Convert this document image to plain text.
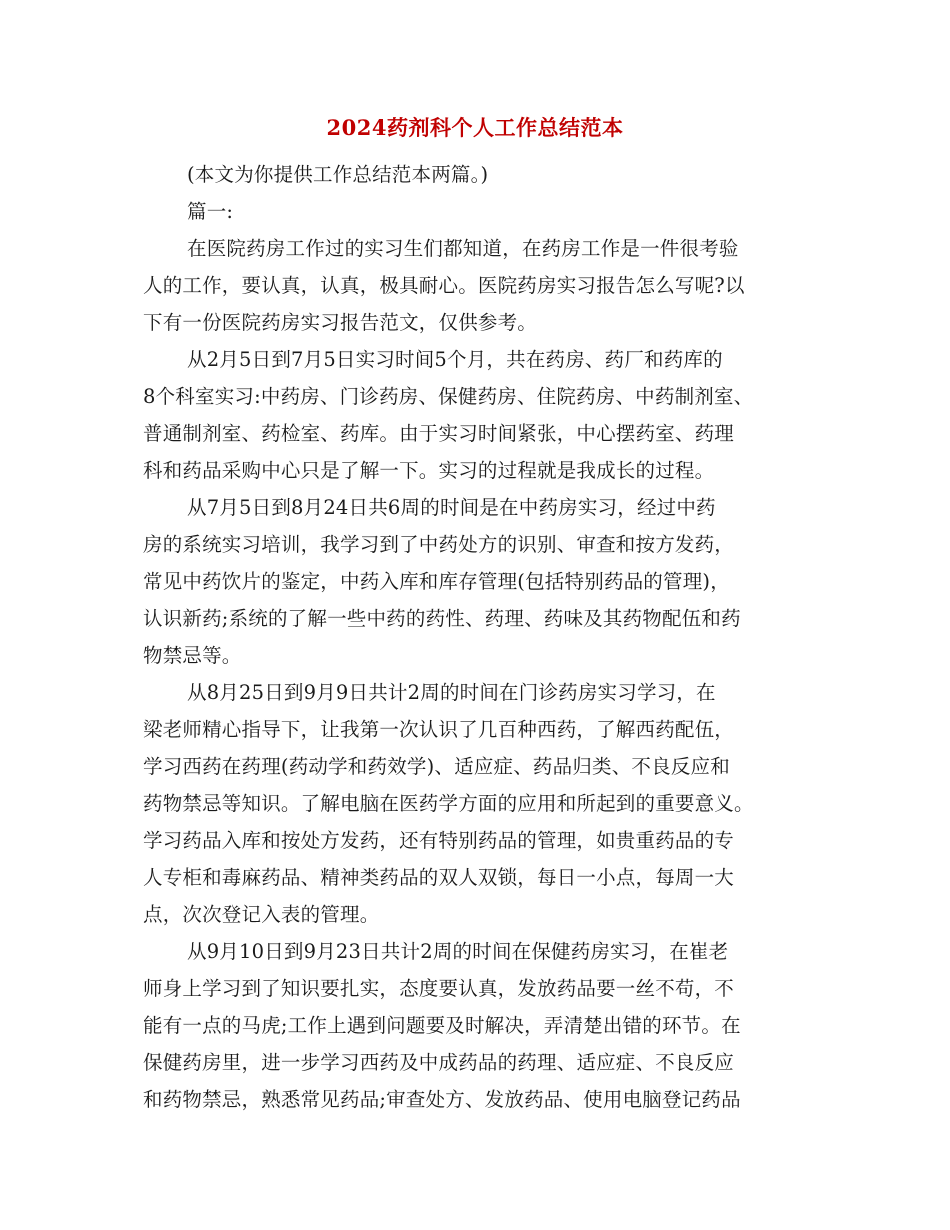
2024药剂科个人工作总结范本
(本文为你提供工作总结范本两篇。)
篇一:
在医院药房工作过的实习生们都知道，在药房工作是一件很考验
人的工作，要认真，认真，极具耐心。医院药房实习报告怎么写呢?以
下有一份医院药房实习报告范文，仅供参考。
从2月5日到7月5日实习时间5个月，共在药房、药厂和药库的
8个科室实习:中药房、门诊药房、保健药房、住院药房、中药制剂室、
普通制剂室、药检室、药库。由于实习时间紧张，中心摆药室、药理
科和药品采购中心只是了解一下。实习的过程就是我成长的过程。
从7月5日到8月24日共6周的时间是在中药房实习，经过中药
房的系统实习培训，我学习到了中药处方的识别、审查和按方发药，
常见中药饮片的鉴定，中药入库和库存管理(包括特别药品的管理)，
认识新药;系统的了解一些中药的药性、药理、药味及其药物配伍和药
物禁忌等。
从8月25日到9月9日共计2周的时间在门诊药房实习学习，在
梁老师精心指导下，让我第一次认识了几百种西药，了解西药配伍，
学习西药在药理(药动学和药效学)、适应症、药品归类、不良反应和
药物禁忌等知识。了解电脑在医药学方面的应用和所起到的重要意义。
学习药品入库和按处方发药，还有特别药品的管理，如贵重药品的专
人专柜和毒麻药品、精神类药品的双人双锁，每日一小点，每周一大
点，次次登记入表的管理。
从9月10日到9月23日共计2周的时间在保健药房实习，在崔老
师身上学习到了知识要扎实，态度要认真，发放药品要一丝不苟，不
能有一点的马虎;工作上遇到问题要及时解决，弄清楚出错的环节。在
保健药房里，进一步学习西药及中成药品的药理、适应症、不良反应
和药物禁忌，熟悉常见药品;审查处方、发放药品、使用电脑登记药品
